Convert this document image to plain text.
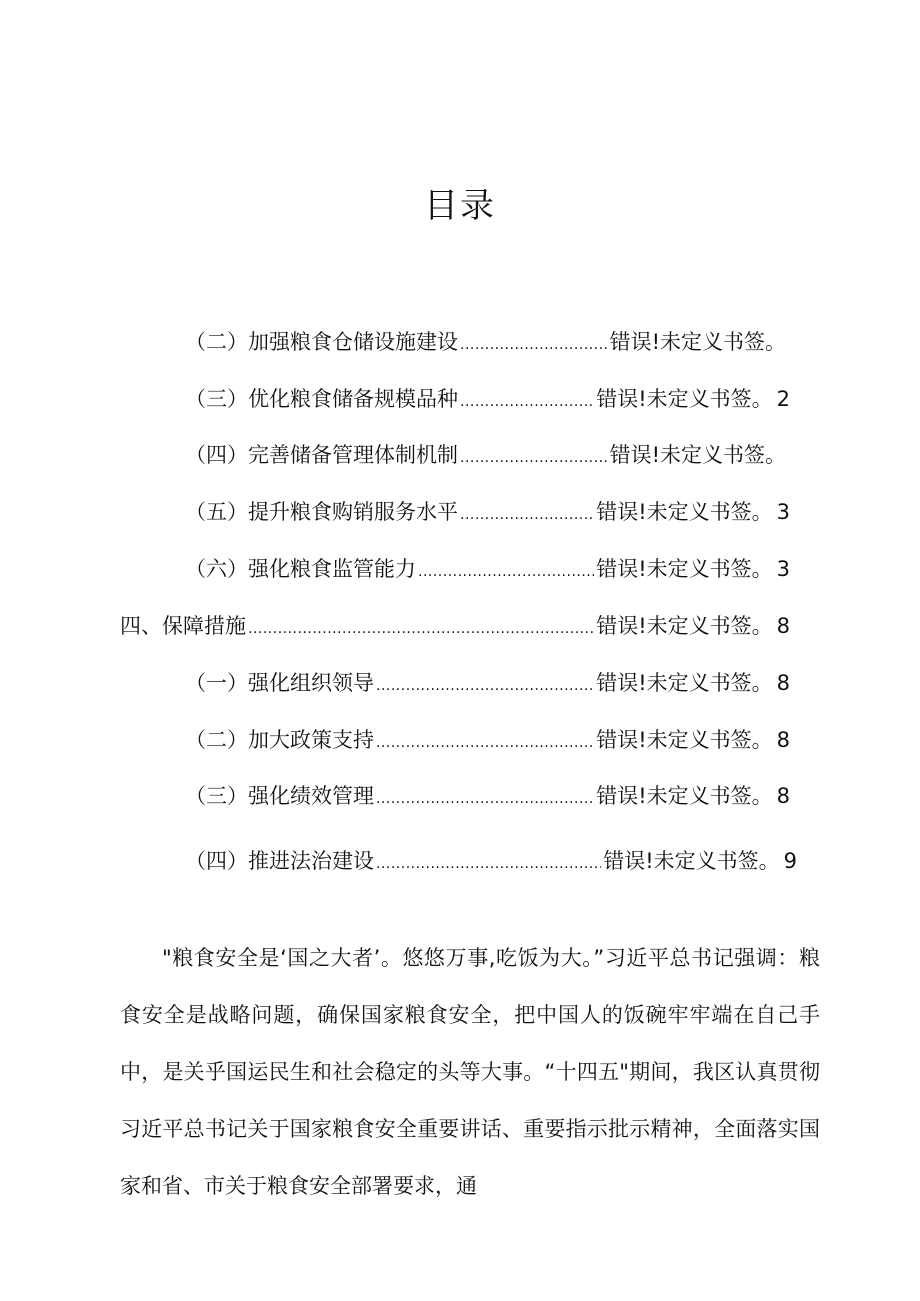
目录
（二）加强粮食仓储设施建设 .....	错误!未定义书签。
（三）优化粮食储备规模品种 .....	错误!未定义书签。 2
（四）完善储备管理体制机制 .....	错误!未定义书签。
（五）提升粮食购销服务水平 .....	错误!未定义书签。 3
（六）强化粮食监管能力 .....	错误!未定义书签。 3
四、保障措施 .....	错误!未定义书签。 8
（一）强化组织领导 .....	错误!未定义书签。 8
（二）加大政策支持 .....	错误!未定义书签。 8
（三）强化绩效管理 .....	错误!未定义书签。 8
（四）推进法治建设 .....	错误!未定义书签。 9
"粮食安全是‘国之大者’。悠悠万事,吃饭为大。”习近平总书记强调：粮食安全是战略问题，确保国家粮食安全，把中国人的饭碗牢牢端在自己手中，是关乎国运民生和社会稳定的头等大事。“十四五"期间，我区认真贯彻习近平总书记关于国家粮食安全重要讲话、重要指示批示精神，全面落实国家和省、市关于粮食安全部署要求，通
